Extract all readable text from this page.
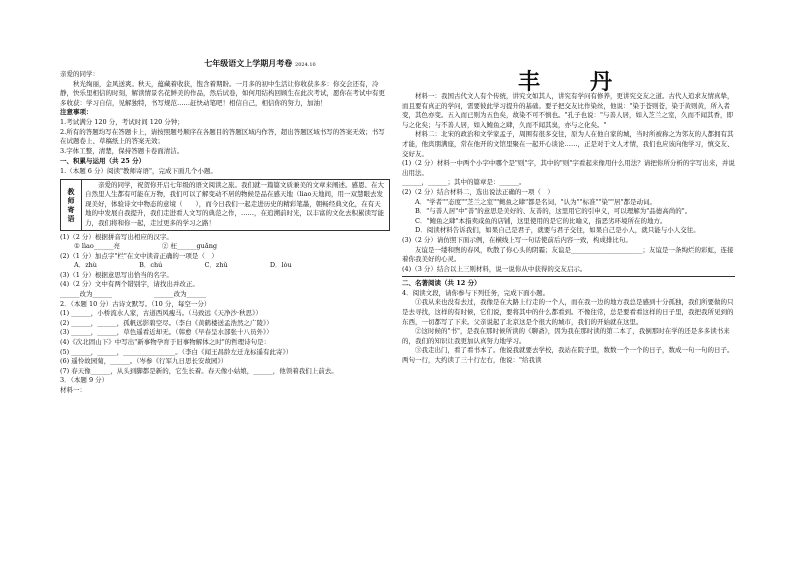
七年级语文上学期月考卷 2024.10

亲爱的同学：

秋光绚丽，金风送爽。秋天，蕴藏着收获，饱含着期盼。一月多的初中生活让你收获多多：你交会还有，冷静，快乐里相信的时刻，解读情景名花鲜美的作品，然后试卷，如何用结构回顾生在此次考试，愿你在考试中有更多收获：学习自信，见解独特，书写规范……赶快动笔吧！相信自己，相信你的努力，加油！

注意事项：

1.考试满分 120 分，考试时间 120 分钟；

2.所有的答题均写在答题卡上，请按照题号顺序在各题目的答题区域内作答，超出答题区域书写的答案无效；书写在试题卷上、草稿纸上的答案无效；

3.字体工整，清楚，保持答题卡卷面清洁。

一、积累与运用（共 25 分）

1.（本题 6 分）阅读"教师寄语"，完成下面几个小题。

教
师
寄
语
亲爱的同学，祝贺你开启七年级的语文阅读之旅。我们就一篇篇文质兼美的文章来阐述。感恩、在大自然里人生都有可能在万物，我们可以了解变动不居的物候是品在感天地（lìao天地间，用一双慧眼去发现美好，体验诗文中物态的意境（　　），而今日我们一起走进历史的精彩笔墨，朝畅经典文化，在有天地的中发展自我提升，我们走进看人文写的典范之作，……，在追溯前时光，以丰富的文化去积累读写能力，我们将和你一起，走过更多的学习之路！

(1)（2 分）根据拼音写出相应的汉字。

① lìao______亮	② 枉______guǎng

(2)（1 分）加点字"栏"在文中读音正确的一项是（　）

A．zhù	B．chú	C．zhǔ	D．lòu

(3)（1 分）根据意思写出恰当的名字。

(4)（2 分）文中有两个错别字，请找出并改正。

______改为______	______改为______

2．（本题 10 分）古诗文默写。（10 分，每空一分）

(1) ______，小桥流水人家，古道西风瘦马。（马致远《天净沙·秋思》）

(2) ______，______，孤帆远影碧空尽。（李白《黄鹤楼送孟浩然之广陵》）

(3) ______，______，草色遥看近却无。（韩愈《早春呈水部张十八员外》）

(4)《次北固山下》中写出"新事物孕育于旧事物解体之时"的哲理诗句是：

(5) ______，______，________________。（李白《闻王昌龄左迁龙标遥有此寄》）

(6) 遥怜故园菊，______。（岑参《行军九日思长安故园》）

(7) 春天像______，从头到脚都是新的，它生长着。春天像小姑娘，______，他领着我们上前去。

3．（本题 9 分）

材料一：

丰　丹

材料一：我国古代文人有个传统，讲究文如其人，讲究有学问有修养，更讲究交友之道。古代人追求友情真挚，而且要有真正的学问，需要彼此学习提升的基础。要子把交友比作染丝，他说："染于苍则苍，染于黄则黄，所入者变，其色亦变。五入而已则为五色矣，故染不可不慎也。"孔子也说："与善人居，如入芝兰之室，久而不闻其香，即与之化矣；与不善人居，如入鲍鱼之肆，久而不闻其臭，亦与之化矣。"

材料二：北宋的政治和文学家孟子，周围有很多交往，原为人在他自家的城，当时所被称之为邻友的人都拥有其才能，他宾朋满座，常在他开的文馆里聚在一起开心谈论……，正是对于文人才情，我们也应该向他学习，慎交友、交好友。

(1)（2 分）材料一中两个小字中哪个是"则"字，其中的"则"字看起来像用什么用法？请把你所分析的字写出来，并说出用法。

______，______；其中的篇章是：______。

(2)（2 分）结合材料二，选出说法正确的一项（　）

A．"学者""态度""芝兰之室""鲍鱼之肆"都是名词，"认为""标准""染""居"都是动词。

B．"与善人居"中"善"的意思是美好的、友善的，这里用它的引申义，可以理解为"品德高尚的"。

C．"鲍鱼之肆"本指卖咸鱼的店铺，这里使用的是它的比喻义，指恶劣环境所在的地方。

D．阅读材料告诉我们，如果自己是君子，就要与君子交往，如果自己是小人，就只能与小人交往。

(3)（2 分）请仿照下面示例，在横线上写一句话使前后内容一致，构成排比句。

友谊是一缕和煦的春风，吹散了你心头的阴霾；友谊是______________________；友谊是一条绚烂的彩虹，连接着你我美好的心灵。

(4)（3 分）结合以上三则材料，说一说你从中获得的交友启示。

二、名著阅读（共 12 分）

4．阅读文段，请你参与下列任务，完成下面小题。

①我从来也没有去过，我像是在大路上行走的一个人，而在我一边的地方我总是感到十分孤独，我们所要做的只是去寻找，这样的有时候，它们说，要将其中的什么都看到。不像往常，总是要看看这样的日子里，我把我所见到的东西，一切都写了下来。父亲说起了北京这是个很大的城市，我们的开始就在这里。

②这时候的"书"，是我在那时候所读的《聊斋》，因为我在那时读的第二本了，我倒那时在学的还是多多读书来的，我们的知识让我更加认真努力地学习。

③我走出门，看了看书本了。他说我就要去学校，我站在院子里，数数一个一个的日子，数成一句一句的日子。两句一行，大约读了三十行左右，他说："给我读
